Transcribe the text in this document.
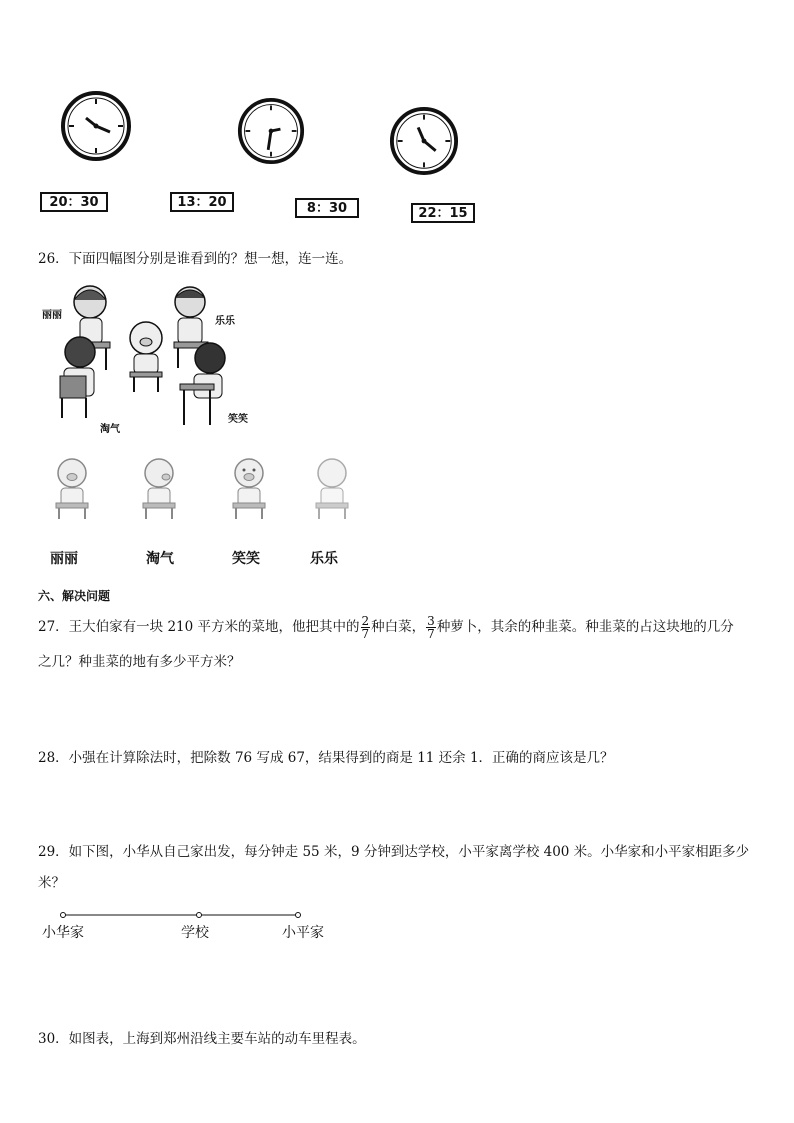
20：30	13：20	8：30	22：15
26．下面四幅图分别是谁看到的？想一想，连一连。
丽丽
乐乐
淘气
笑笑
丽丽	淘气	笑笑	乐乐
六、解决问题
27．王大伯家有一块 210 平方米的菜地，他把其中的 $\frac{2}{7}$ 种白菜， $\frac{3}{7}$ 种萝卜，其余的种韭菜。种韭菜的占这块地的几分
之几？种韭菜的地有多少平方米？
28．小强在计算除法时，把除数 76 写成 67，结果得到的商是 11 还余 1．正确的商应该是几？
29．如下图，小华从自己家出发，每分钟走 55 米，9 分钟到达学校，小平家离学校 400 米。小华家和小平家相距多少
米？
小华家	学校	小平家
30．如图表，上海到郑州沿线主要车站的动车里程表。
